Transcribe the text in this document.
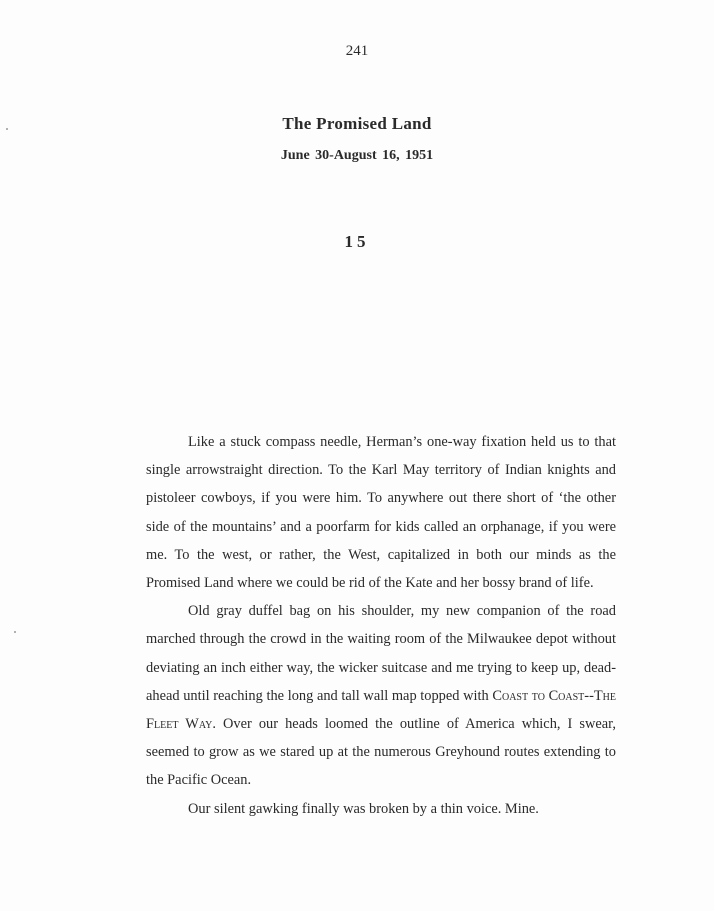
241
The Promised Land
June 30-August 16, 1951
15

Like a stuck compass needle, Herman’s one-way fixation held us to that single arrowstraight direction. To the Karl May territory of Indian knights and pistoleer cowboys, if you were him. To anywhere out there short of ‘the other side of the mountains’ and a poorfarm for kids called an orphanage, if you were me. To the west, or rather, the West, capitalized in both our minds as the Promised Land where we could be rid of the Kate and her bossy brand of life.

Old gray duffel bag on his shoulder, my new companion of the road marched through the crowd in the waiting room of the Milwaukee depot without deviating an inch either way, the wicker suitcase and me trying to keep up, dead-ahead until reaching the long and tall wall map topped with Coast to Coast--The Fleet Way. Over our heads loomed the outline of America which, I swear, seemed to grow as we stared up at the numerous Greyhound routes extending to the Pacific Ocean.

Our silent gawking finally was broken by a thin voice. Mine.
